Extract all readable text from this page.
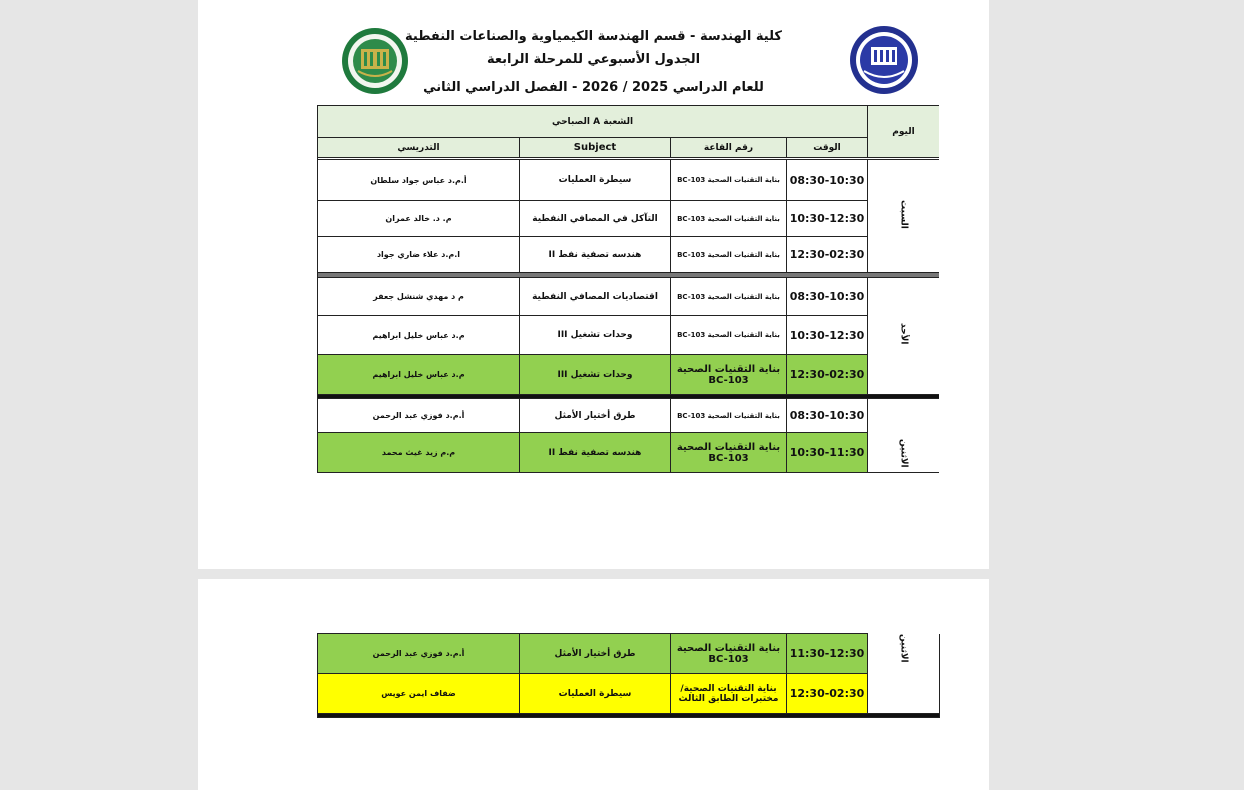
كلية الهندسة - قسم الهندسة الكيمياوية والصناعات النفطية
الجدول الأسبوعي للمرحلة الرابعة
للعام الدراسي 2025 / 2026 - الفصل الدراسي الثاني
الشعبة A الصباحي				اليوم
التدريسي	Subject	رقم القاعة	الوقت	

أ.م.د عباس جواد سلطان	سيطرة العمليات	بناية التقنيات الصحية BC-103	08:30-10:30	السبت
م. د. خالد عمران	التآكل في المصافي النفطية	بناية التقنيات الصحية BC-103	10:30-12:30	
ا.م.د علاء ضاري جواد	هندسه تصفية نفط II	بناية التقنيات الصحية BC-103	12:30-02:30	

م د مهدي شنشل جعفر	اقتصاديات المصافي النفطية	بناية التقنيات الصحية BC-103	08:30-10:30	الأحد
م.د عباس خليل ابراهيم	وحدات تشغيل III	بناية التقنيات الصحية BC-103	10:30-12:30	
م.د عباس خليل ابراهيم	وحدات تشغيل III	بناية التقنيات الصحية BC-103	12:30-02:30	

أ.م.د فوزي عبد الرحمن	طرق أختيار الأمثل	بناية التقنيات الصحية BC-103	08:30-10:30	الاثنين
م.م زيد غيث محمد	هندسه تصفية نفط II	بناية التقنيات الصحية BC-103	10:30-11:30	
أ.م.د فوزي عبد الرحمن	طرق أختيار الأمثل	بناية التقنيات الصحية BC-103	11:30-12:30	الاثنين
ضفاف ايمن عويس	سيطرة العمليات	بناية التقنيات الصحية/ مختبرات الطابق الثالث	12:30-02:30	
